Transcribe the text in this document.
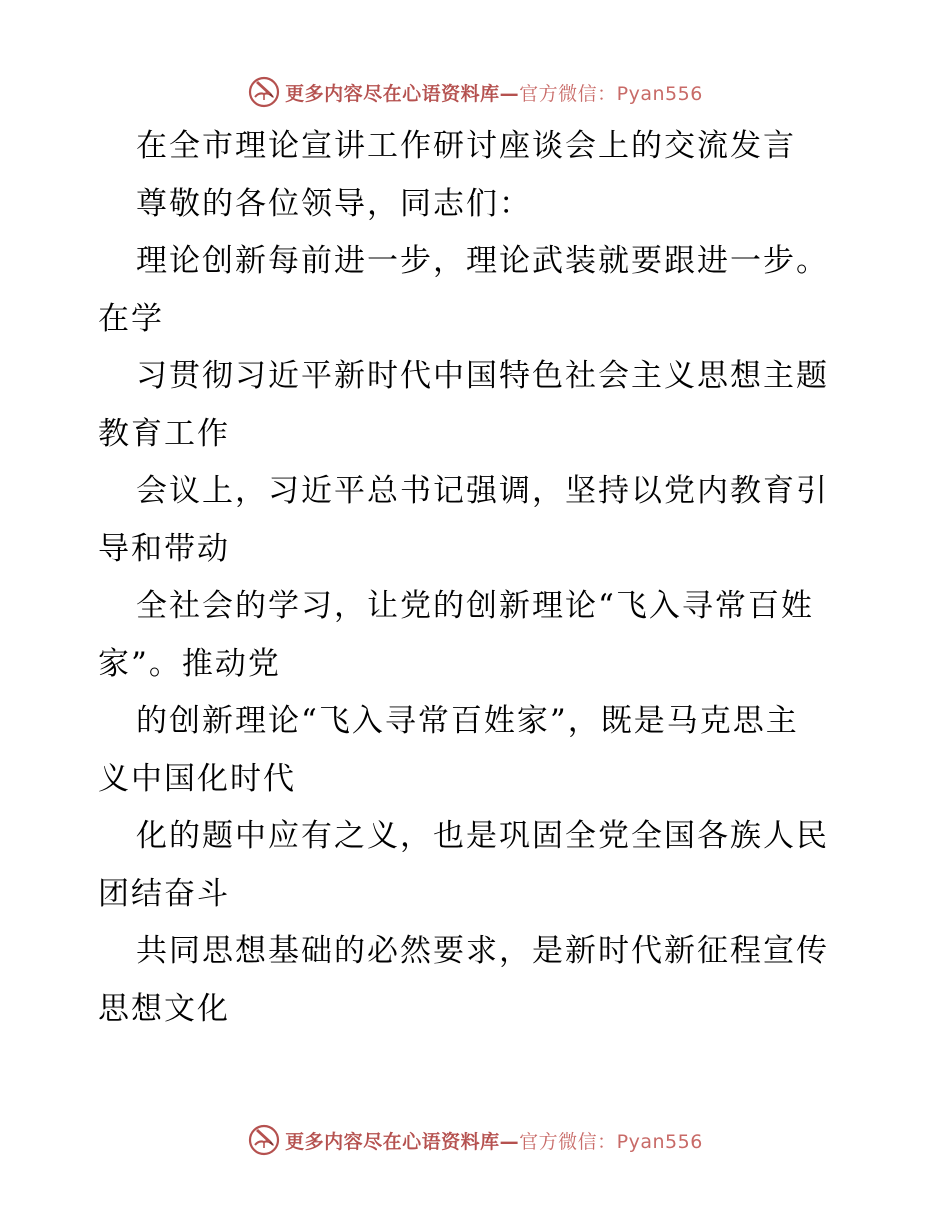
更多内容尽在心语资料库—官方微信：Pyan556
在全市理论宣讲工作研讨座谈会上的交流发言
尊敬的各位领导，同志们：
理论创新每前进一步，理论武装就要跟进一步。
在学
习贯彻习近平新时代中国特色社会主义思想主题
教育工作
会议上，习近平总书记强调，坚持以党内教育引
导和带动
全社会的学习，让党的创新理论“飞入寻常百姓
家”。推动党
的创新理论“飞入寻常百姓家”，既是马克思主
义中国化时代
化的题中应有之义，也是巩固全党全国各族人民
团结奋斗
共同思想基础的必然要求，是新时代新征程宣传
思想文化
更多内容尽在心语资料库—官方微信：Pyan556
